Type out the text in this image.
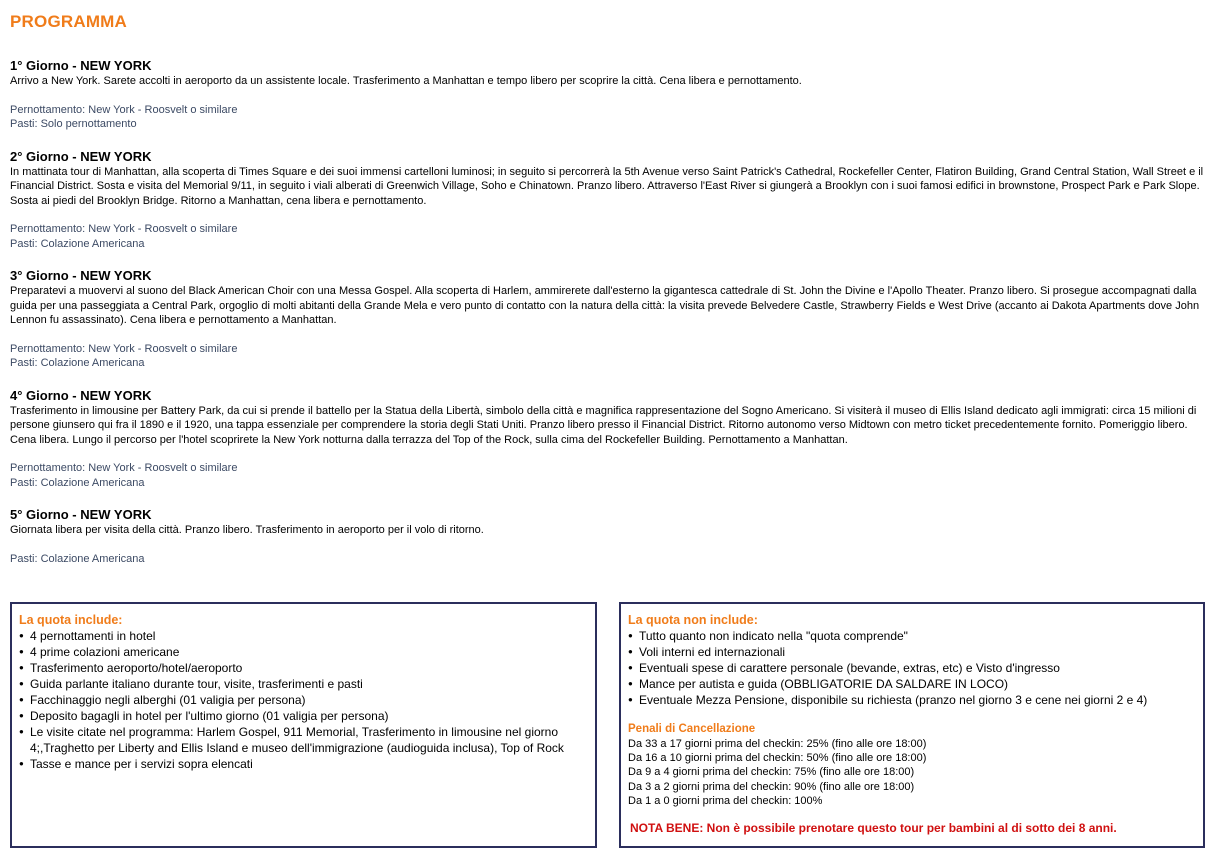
PROGRAMMA
1° Giorno - NEW YORK
Arrivo a New York. Sarete accolti in aeroporto da un assistente locale. Trasferimento a Manhattan e tempo libero per scoprire la città. Cena libera e pernottamento.
Pernottamento: New York - Roosvelt o similare
Pasti: Solo pernottamento
2° Giorno - NEW YORK
In mattinata tour di Manhattan, alla scoperta di Times Square e dei suoi immensi cartelloni luminosi; in seguito si percorrerà la 5th Avenue verso Saint Patrick's Cathedral, Rockefeller Center, Flatiron Building, Grand Central Station, Wall Street e il Financial District. Sosta e visita del Memorial 9/11, in seguito i viali alberati di Greenwich Village, Soho e Chinatown. Pranzo libero. Attraverso l'East River si giungerà a Brooklyn con i suoi famosi edifici in brownstone, Prospect Park e Park Slope. Sosta ai piedi del Brooklyn Bridge. Ritorno a Manhattan, cena libera e pernottamento.
Pernottamento: New York - Roosvelt o similare
Pasti: Colazione Americana
3° Giorno - NEW YORK
Preparatevi a muovervi al suono del Black American Choir con una Messa Gospel. Alla scoperta di Harlem, ammirerete dall'esterno la gigantesca cattedrale di St. John the Divine e l'Apollo Theater. Pranzo libero. Si prosegue accompagnati dalla guida per una passeggiata a Central Park, orgoglio di molti abitanti della Grande Mela e vero punto di contatto con la natura della città: la visita prevede Belvedere Castle, Strawberry Fields e West Drive (accanto ai Dakota Apartments dove John Lennon fu assassinato). Cena libera e pernottamento a Manhattan.
Pernottamento: New York - Roosvelt o similare
Pasti: Colazione Americana
4° Giorno - NEW YORK
Trasferimento in limousine per Battery Park, da cui si prende il battello per la Statua della Libertà, simbolo della città e magnifica rappresentazione del Sogno Americano. Si visiterà il museo di Ellis Island dedicato agli immigrati: circa 15 milioni di persone giunsero qui fra il 1890 e il 1920, una tappa essenziale per comprendere la storia degli Stati Uniti. Pranzo libero presso il Financial District. Ritorno autonomo verso Midtown con metro ticket precedentemente fornito. Pomeriggio libero. Cena libera. Lungo il percorso per l'hotel scoprirete la New York notturna dalla terrazza del Top of the Rock, sulla cima del Rockefeller Building. Pernottamento a Manhattan.
Pernottamento: New York - Roosvelt o similare
Pasti: Colazione Americana
5° Giorno - NEW YORK
Giornata libera per visita della città. Pranzo libero. Trasferimento in aeroporto per il volo di ritorno.
Pasti: Colazione Americana
La quota include:
● 4 pernottamenti in hotel
● 4 prime colazioni americane
● Trasferimento aeroporto/hotel/aeroporto
● Guida parlante italiano durante tour, visite, trasferimenti e pasti
● Facchinaggio negli alberghi (01 valigia per persona)
● Deposito bagagli in hotel per l'ultimo giorno (01 valigia per persona)
● Le visite citate nel programma: Harlem Gospel, 911 Memorial, Trasferimento in limousine nel giorno 4;,Traghetto per Liberty and Ellis Island e museo dell'immigrazione (audioguida inclusa), Top of Rock
● Tasse e mance per i servizi sopra elencati
La quota non include:
● Tutto quanto non indicato nella "quota comprende"
● Voli interni ed internazionali
● Eventuali spese di carattere personale (bevande, extras, etc) e Visto d'ingresso
● Mance per autista e guida (OBBLIGATORIE DA SALDARE IN LOCO)
● Eventuale Mezza Pensione, disponibile su richiesta (pranzo nel giorno 3 e cene nei giorni 2 e 4)
Penali di Cancellazione
Da 33 a 17 giorni prima del checkin: 25% (fino alle ore 18:00)
Da 16 a 10 giorni prima del checkin: 50% (fino alle ore 18:00)
Da 9 a 4 giorni prima del checkin: 75% (fino alle ore 18:00)
Da 3 a 2 giorni prima del checkin: 90% (fino alle ore 18:00)
Da 1 a 0 giorni prima del checkin: 100%
NOTA BENE: Non è possibile prenotare questo tour per bambini al di sotto dei 8 anni.
